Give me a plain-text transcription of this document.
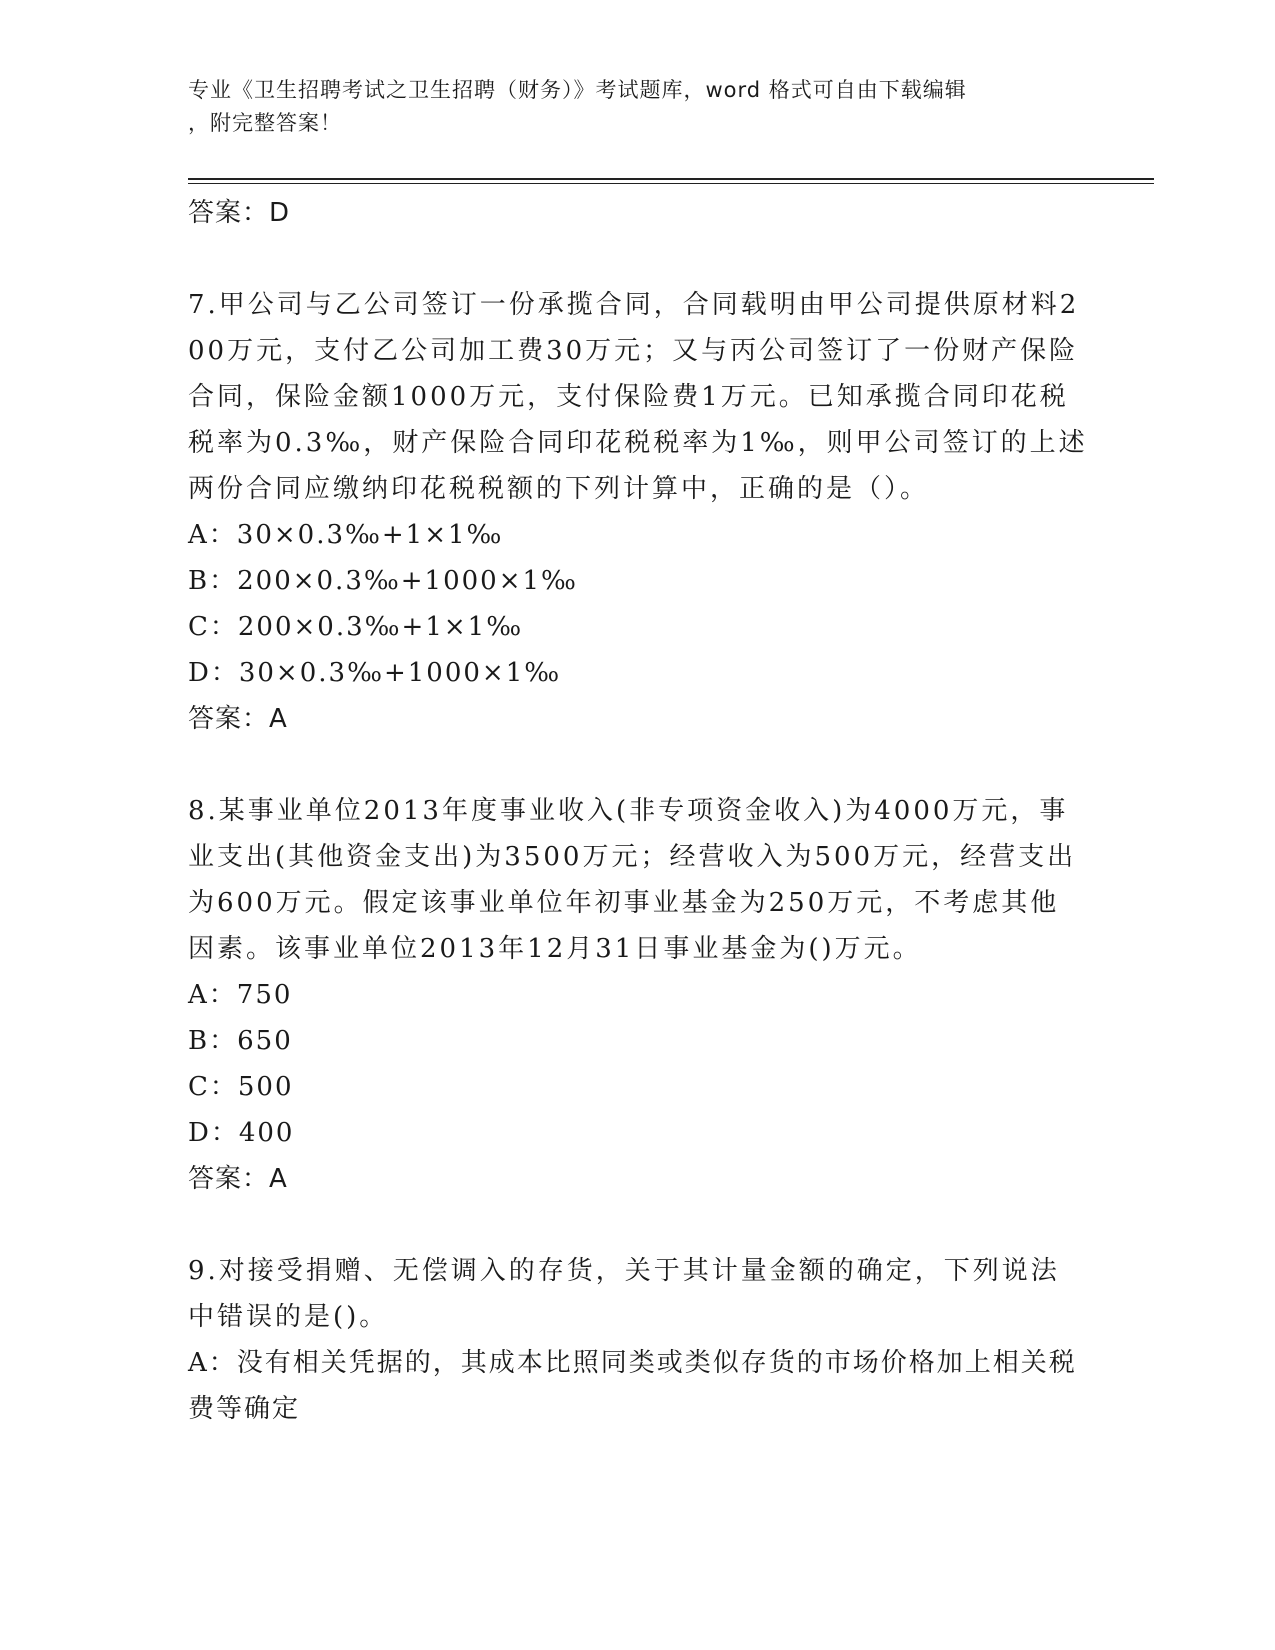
专业《卫生招聘考试之卫生招聘（财务）》考试题库，word 格式可自由下载编辑
，附完整答案！
答案：D
7.甲公司与乙公司签订一份承揽合同，合同载明由甲公司提供原材料200万元，支付乙公司加工费30万元；又与丙公司签订了一份财产保险合同，保险金额1000万元，支付保险费1万元。已知承揽合同印花税税率为0.3‰，财产保险合同印花税税率为1‰，则甲公司签订的上述两份合同应缴纳印花税税额的下列计算中，正确的是（）。
A：30×0.3‰+1×1‰
B：200×0.3‰+1000×1‰
C：200×0.3‰+1×1‰
D：30×0.3‰+1000×1‰
答案：A
8.某事业单位2013年度事业收入(非专项资金收入)为4000万元，事业支出(其他资金支出)为3500万元；经营收入为500万元，经营支出为600万元。假定该事业单位年初事业基金为250万元，不考虑其他因素。该事业单位2013年12月31日事业基金为()万元。
A：750
B：650
C：500
D：400
答案：A
9.对接受捐赠、无偿调入的存货，关于其计量金额的确定，下列说法中错误的是()。
A：没有相关凭据的，其成本比照同类或类似存货的市场价格加上相关税费等确定
